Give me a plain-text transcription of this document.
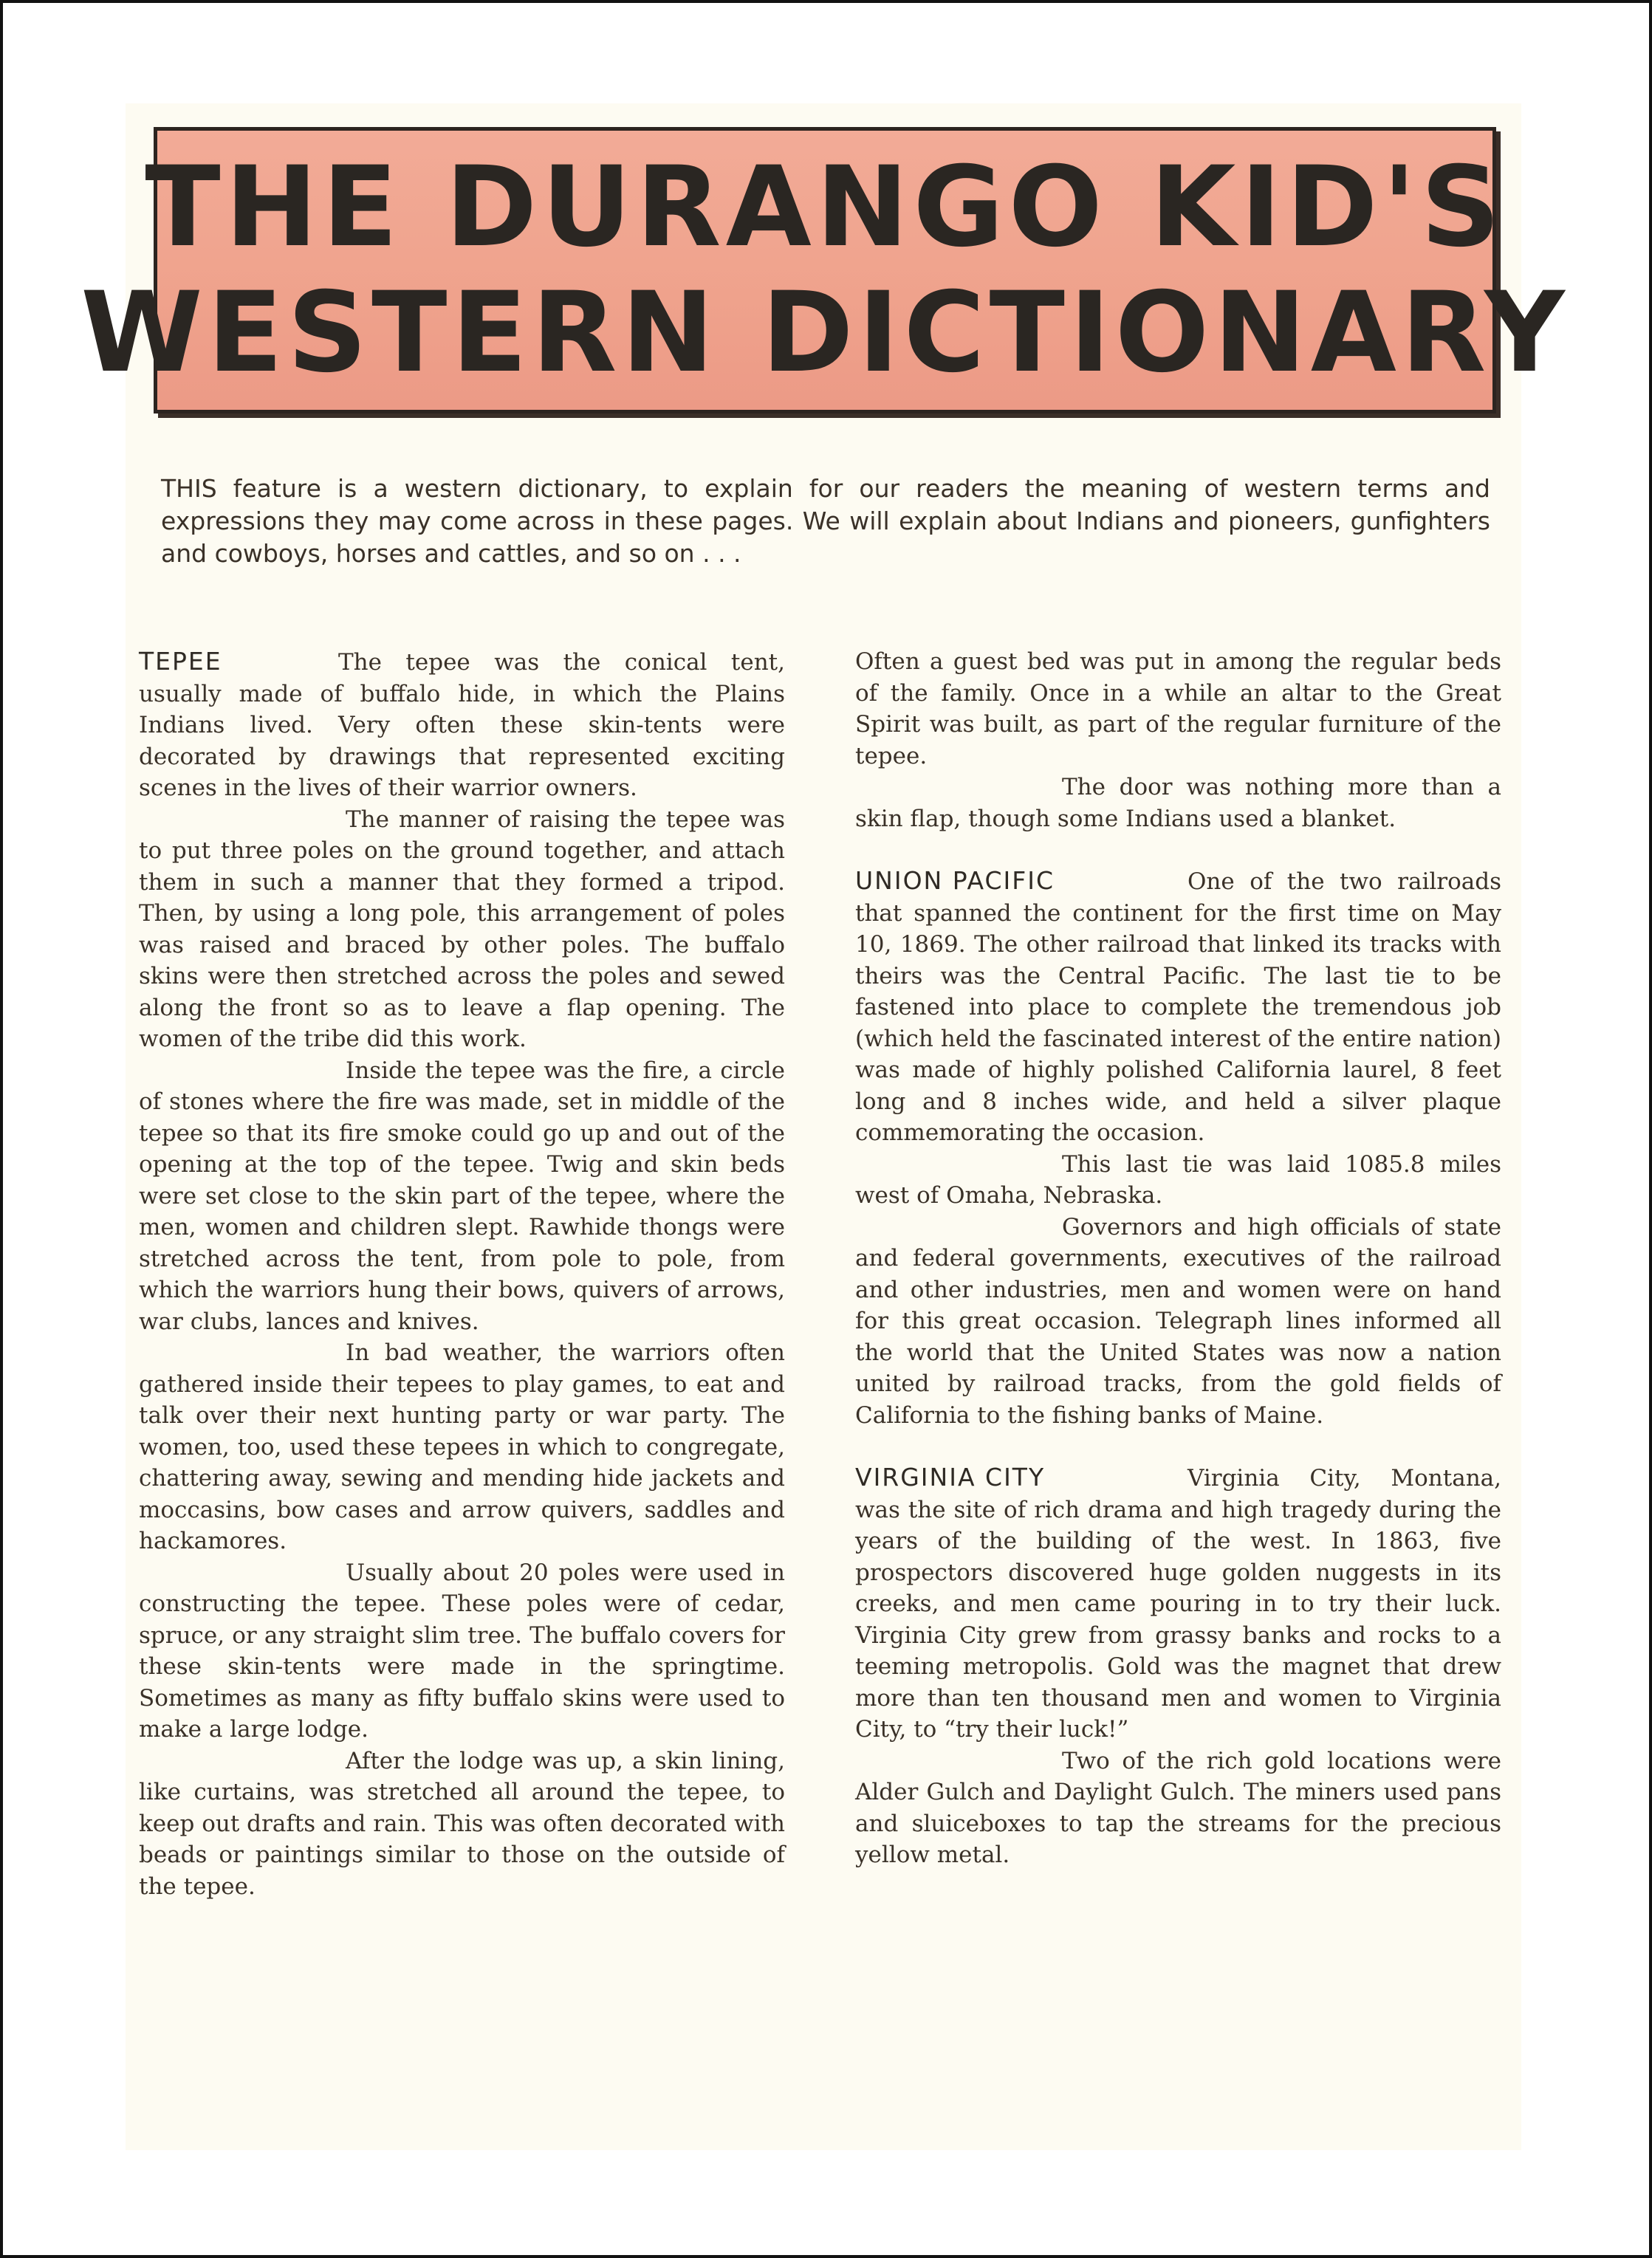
THE DURANGO KID'S
WESTERN DICTIONARY
THIS feature is a western dictionary, to explain for our readers the meaning of western terms and expressions they may come across in these pages. We will explain about Indians and pioneers, gunfighters and cowboys, horses and cattles, and so on . . .

TEPEE	The tepee was the conical tent, usually made of buffalo hide, in which the Plains Indians lived. Very often these skin-tents were decorated by drawings that represented exciting scenes in the lives of their warrior owners.

The manner of raising the tepee was to put three poles on the ground together, and attach them in such a manner that they formed a tripod. Then, by using a long pole, this arrangement of poles was raised and braced by other poles. The buffalo skins were then stretched across the poles and sewed along the front so as to leave a flap opening. The women of the tribe did this work.

Inside the tepee was the fire, a circle of stones where the fire was made, set in middle of the tepee so that its fire smoke could go up and out of the opening at the top of the tepee. Twig and skin beds were set close to the skin part of the tepee, where the men, women and children slept. Rawhide thongs were stretched across the tent, from pole to pole, from which the warriors hung their bows, quivers of arrows, war clubs, lances and knives.

In bad weather, the warriors often gathered inside their tepees to play games, to eat and talk over their next hunting party or war party. The women, too, used these tepees in which to congregate, chattering away, sewing and mending hide jackets and moccasins, bow cases and arrow quivers, saddles and hackamores.

Usually about 20 poles were used in constructing the tepee. These poles were of cedar, spruce, or any straight slim tree. The buffalo covers for these skin-tents were made in the springtime. Sometimes as many as fifty buffalo skins were used to make a large lodge.

After the lodge was up, a skin lining, like curtains, was stretched all around the tepee, to keep out drafts and rain. This was often decorated with beads or paintings similar to those on the outside of the tepee.

Often a guest bed was put in among the regular beds of the family. Once in a while an altar to the Great Spirit was built, as part of the regular furniture of the tepee.

The door was nothing more than a skin flap, though some Indians used a blanket.

UNION PACIFIC	One of the two railroads that spanned the continent for the first time on May 10, 1869. The other railroad that linked its tracks with theirs was the Central Pacific. The last tie to be fastened into place to complete the tremendous job (which held the fascinated interest of the entire nation) was made of highly polished California laurel, 8 feet long and 8 inches wide, and held a silver plaque commemorating the occasion.

This last tie was laid 1085.8 miles west of Omaha, Nebraska.

Governors and high officials of state and federal governments, executives of the railroad and other industries, men and women were on hand for this great occasion. Telegraph lines informed all the world that the United States was now a nation united by railroad tracks, from the gold fields of California to the fishing banks of Maine.

VIRGINIA CITY	Virginia City, Montana, was the site of rich drama and high tragedy during the years of the building of the west. In 1863, five prospectors discovered huge golden nuggests in its creeks, and men came pouring in to try their luck. Virginia City grew from grassy banks and rocks to a teeming metropolis. Gold was the magnet that drew more than ten thousand men and women to Virginia City, to “try their luck!”

Two of the rich gold locations were Alder Gulch and Daylight Gulch. The miners used pans and sluiceboxes to tap the streams for the precious yellow metal.
